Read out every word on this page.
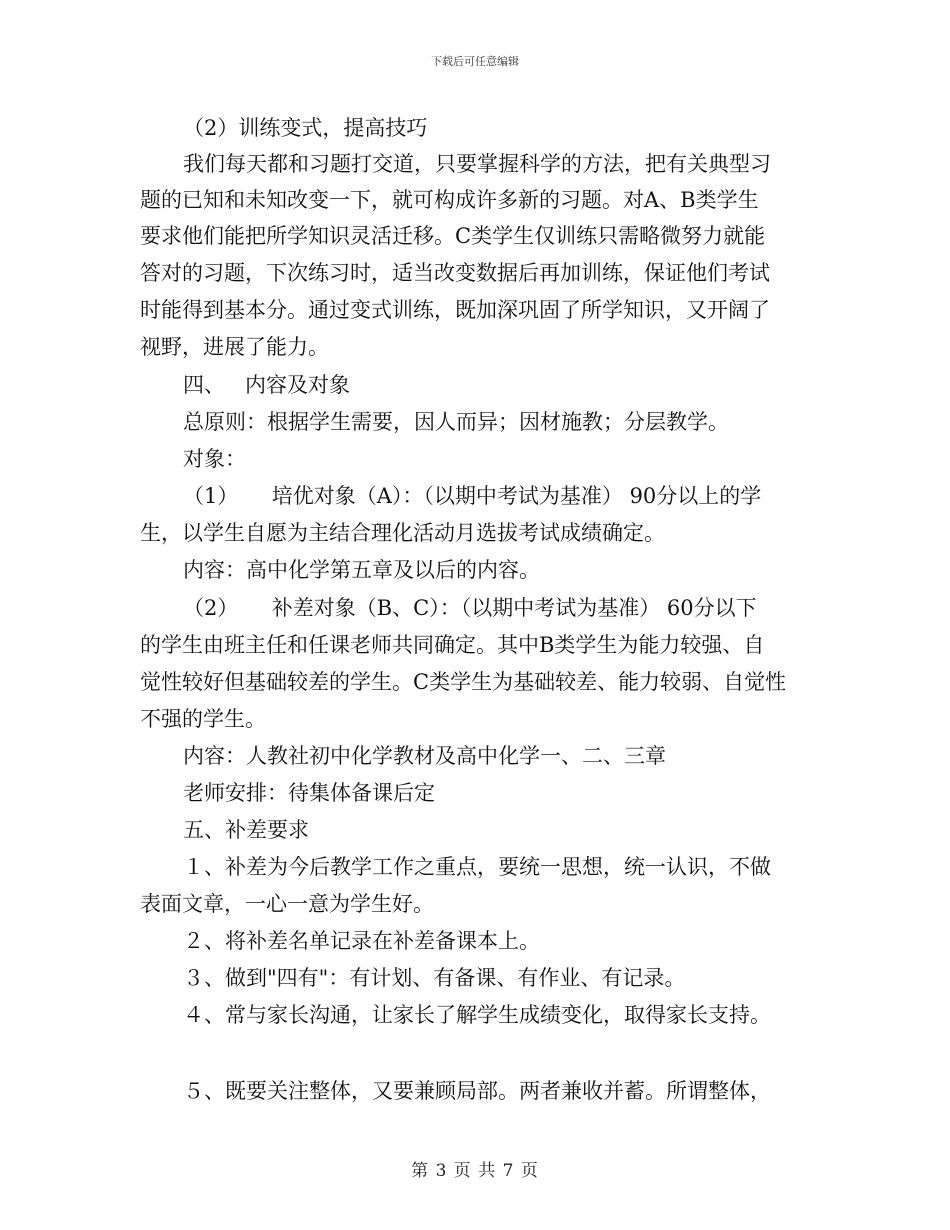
下载后可任意编辑
（2）训练变式，提高技巧
我们每天都和习题打交道，只要掌握科学的方法，把有关典型习
题的已知和未知改变一下，就可构成许多新的习题。对A、B类学生
要求他们能把所学知识灵活迁移。C类学生仅训练只需略微努力就能
答对的习题，下次练习时，适当改变数据后再加训练，保证他们考试
时能得到基本分。通过变式训练，既加深巩固了所学知识，又开阔了
视野，进展了能力。
四、   内容及对象
总原则：根据学生需要，因人而异；因材施教；分层教学。
对象：
（1）     培优对象（A）：（以期中考试为基准） 90分以上的学
生，以学生自愿为主结合理化活动月选拔考试成绩确定。
内容：高中化学第五章及以后的内容。
（2）     补差对象（B、C）：（以期中考试为基准） 60分以下
的学生由班主任和任课老师共同确定。其中B类学生为能力较强、自
觉性较好但基础较差的学生。C类学生为基础较差、能力较弱、自觉性
不强的学生。
内容：人教社初中化学教材及高中化学一、二、三章
老师安排：待集体备课后定
五、补差要求
１、补差为今后教学工作之重点，要统一思想，统一认识，不做
表面文章，一心一意为学生好。
２、将补差名单记录在补差备课本上。
３、做到"四有"：有计划、有备课、有作业、有记录。
４、常与家长沟通，让家长了解学生成绩变化，取得家长支持。
５、既要关注整体，又要兼顾局部。两者兼收并蓄。所谓整体，
第 3 页 共 7 页
